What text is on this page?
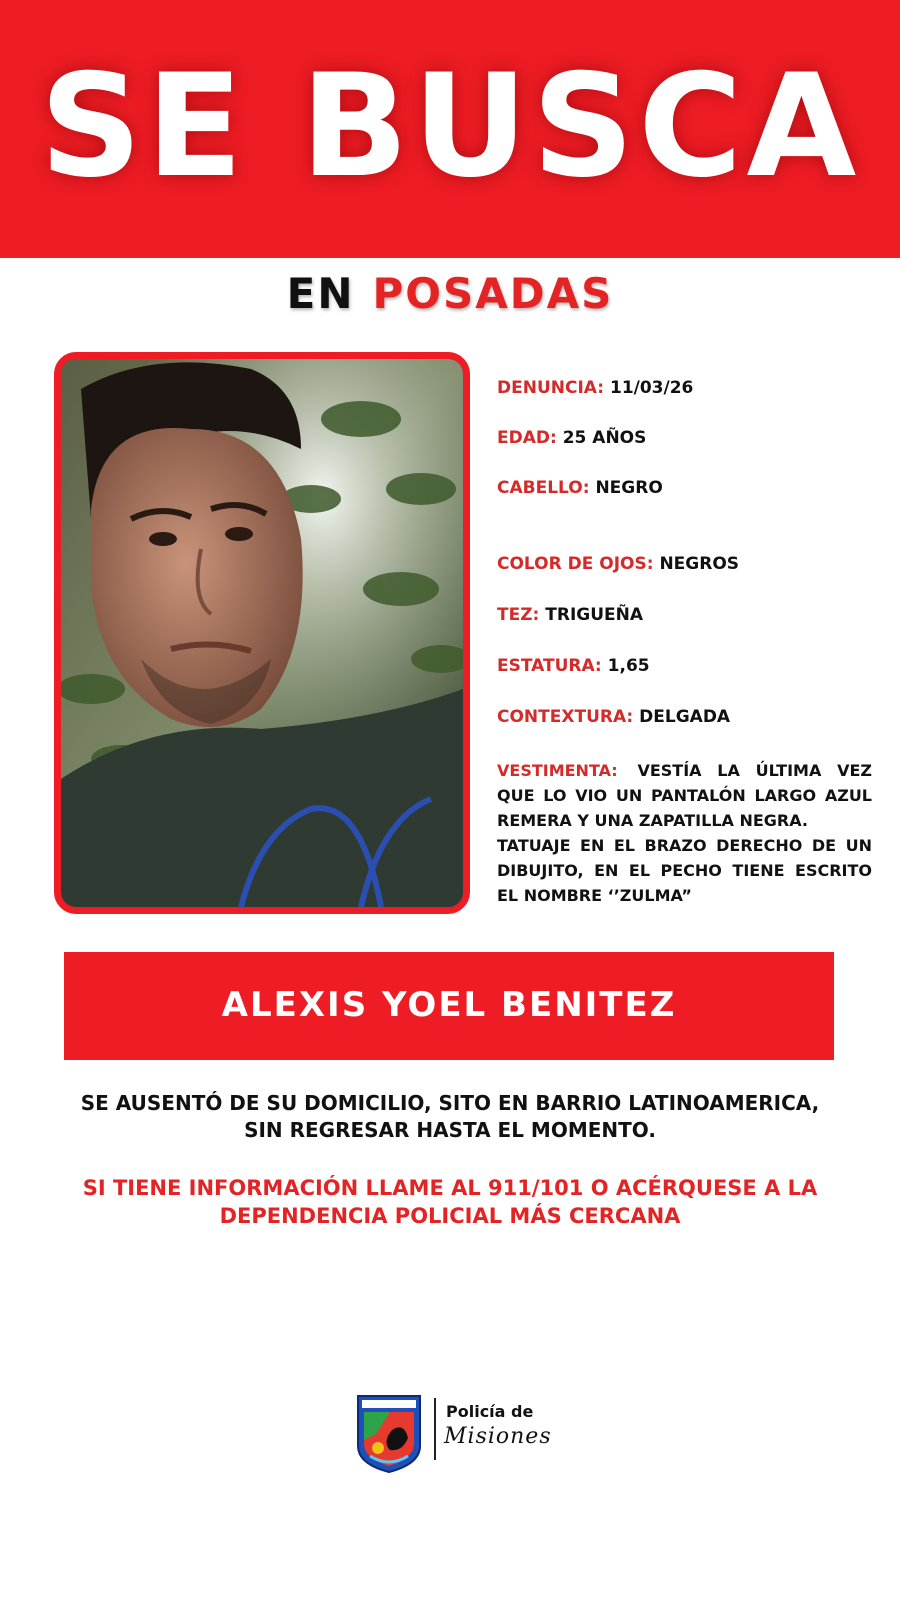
SE BUSCA
EN POSADAS
DENUNCIA: 11/03/26
EDAD: 25 AÑOS
CABELLO: NEGRO
COLOR DE OJOS: NEGROS
TEZ: TRIGUEÑA
ESTATURA: 1,65
CONTEXTURA: DELGADA
VESTIMENTA: VESTÍA LA ÚLTIMA VEZ QUE LO VIO UN PANTALÓN LARGO AZUL REMERA Y UNA ZAPATILLA NEGRA.
TATUAJE EN EL BRAZO DERECHO DE UN DIBUJITO, EN EL PECHO TIENE ESCRITO EL NOMBRE ‘’ZULMA”
ALEXIS YOEL BENITEZ
SE AUSENTÓ DE SU DOMICILIO, SITO EN BARRIO LATINOAMERICA,
SIN REGRESAR HASTA EL MOMENTO.
SI TIENE INFORMACIÓN LLAME AL 911/101 O ACÉRQUESE A LA
DEPENDENCIA POLICIAL MÁS CERCANA
Policía de
Misiones
